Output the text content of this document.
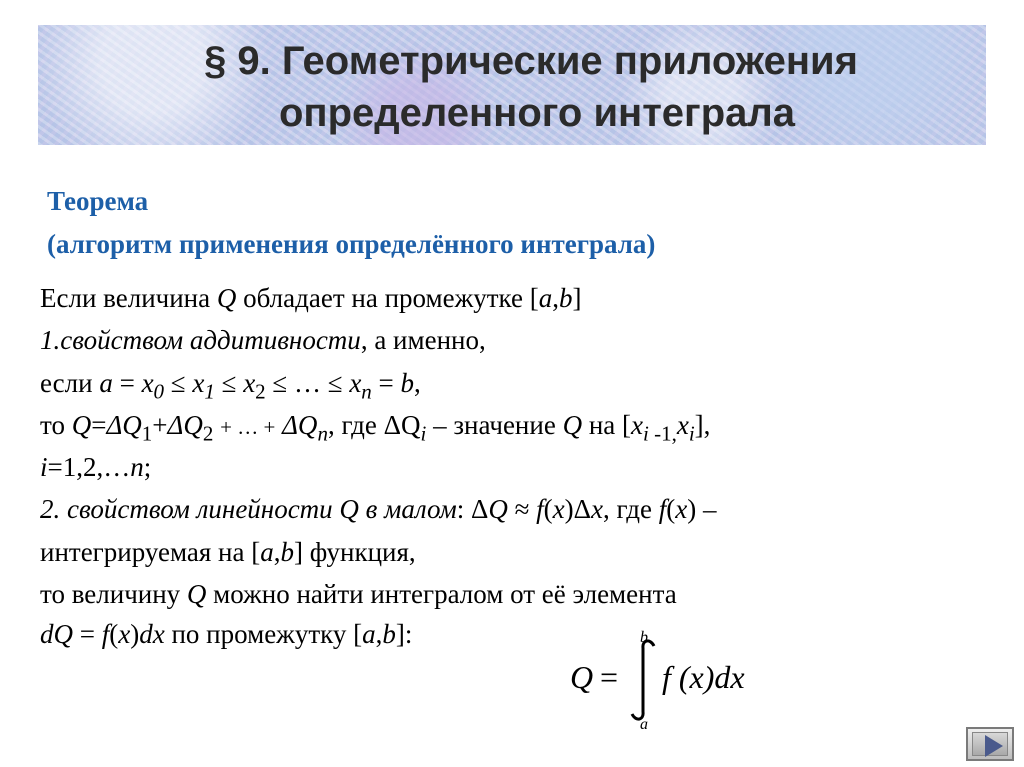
§ 9. Геометрические приложения
определенного интеграла
Теорема
(алгоритм применения определённого интеграла)
Если величина Q обладает на промежутке [a,b]
1.свойством аддитивности, а именно,
если $a = x_0 \le x_1 \le x_2$ ≤ … ≤ $x_n = b$,
то $Q=\Delta Q_1+\Delta Q_2$ + … + $\Delta Q_n$, где $\Delta Q_i$ – значение Q на $[x_{i -1,}x_i]$,
i=1,2,…n;
2. свойством линейности Q в малом: ΔQ ≈ f(x)Δx, где f(x) –
интегрируемая на [a,b] функция,
то величину Q можно найти интегралом от её элемента
dQ = f(x)dx по промежутку [a,b]:
Q =
b
a
f (x)dx
